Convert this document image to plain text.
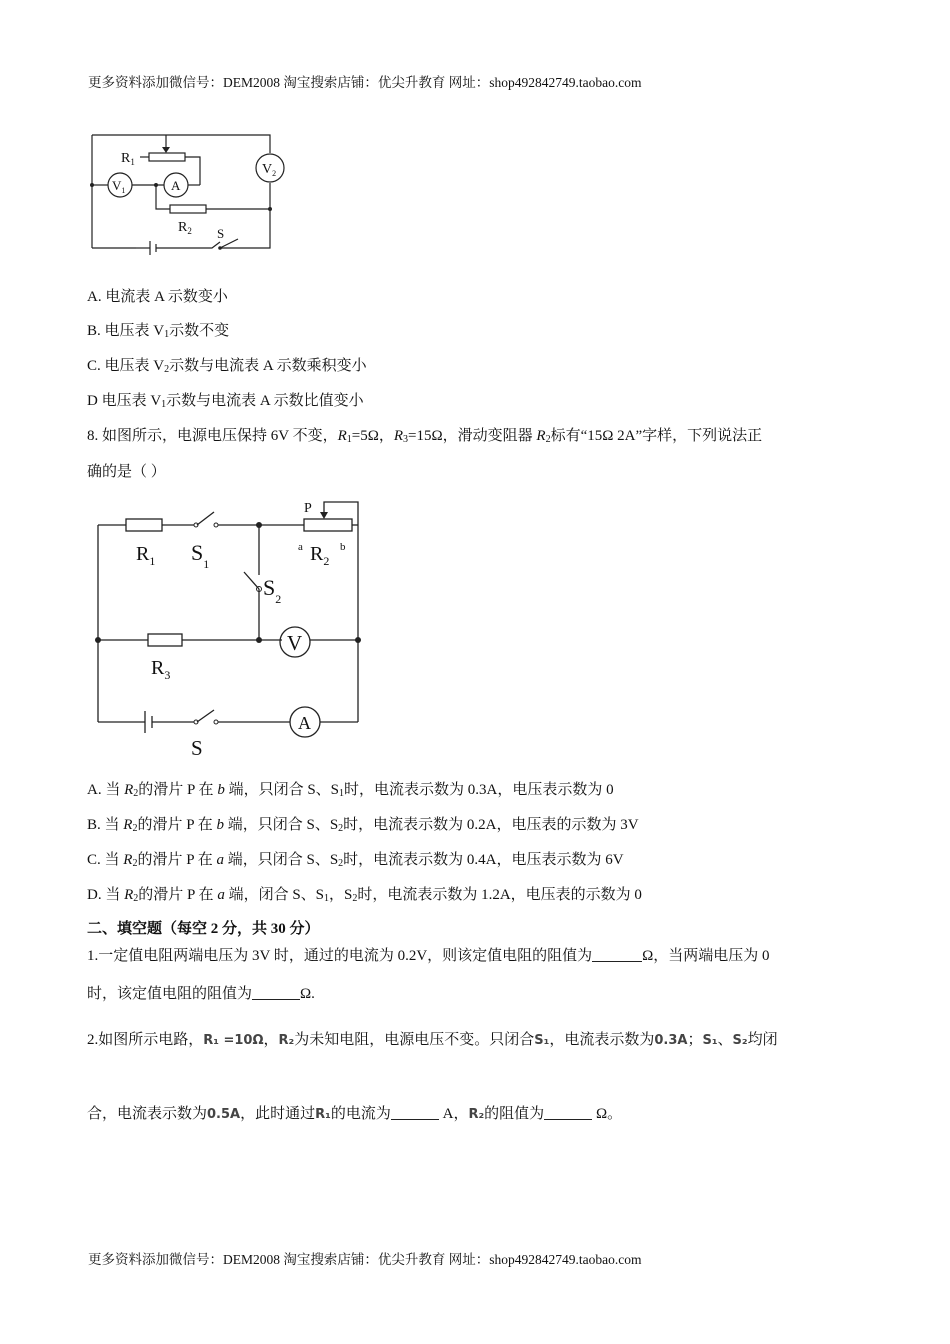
更多资料添加微信号：DEM2008 淘宝搜索店铺：优尖升教育 网址：shop492842749.taobao.com
$R_1$
$R_2$
$V_1$	A
$V_2$
S
A. 电流表 A 示数变小
B. 电压表 $V_1$示数不变
C. 电压表 $V_2$示数与电流表 A 示数乘积变小
D 电压表 $V_1$示数与电流表 A 示数比值变小
8. 如图所示，电源电压保持 6V 不变，$R_1=5\Omega$，$R_3=15\Omega$，滑动变阻器 $R_2$标有“15Ω 2A”字样，下列说法正
确的是（ ）
P
a	b
$R_2$
$R_1$ $S_1$
$S_2$
$R_3$
V
A
S
A. 当 $R_2$的滑片 P 在 b 端，只闭合 S、$S_1$时，电流表示数为 0.3A，电压表示数为 0
B. 当 $R_2$的滑片 P 在 b 端，只闭合 S、$S_2$时，电流表示数为 0.2A，电压表的示数为 3V
C. 当 $R_2$的滑片 P 在 a 端，只闭合 S、$S_2$时，电流表示数为 0.4A，电压表示数为 6V
D. 当 $R_2$的滑片 P 在 a 端，闭合 S、$S_1$，$S_2$时，电流表示数为 1.2A，电压表的示数为 0
二、填空题（每空 2 分，共 30 分）
1.一定值电阻两端电压为 3V 时，通过的电流为 0.2V，则该定值电阻的阻值为	Ω，当两端电压为 0
时，该定值电阻的阻值为	Ω.
2.如图所示电路，R₁ =10Ω，R₂为未知电阻，电源电压不变。只闭合S₁，电流表示数为0.3A；S₁、S₂均闭
合，电流表示数为0.5A，此时通过R₁的电流为	A，R₂的阻值为	Ω。
更多资料添加微信号：DEM2008 淘宝搜索店铺：优尖升教育 网址：shop492842749.taobao.com
